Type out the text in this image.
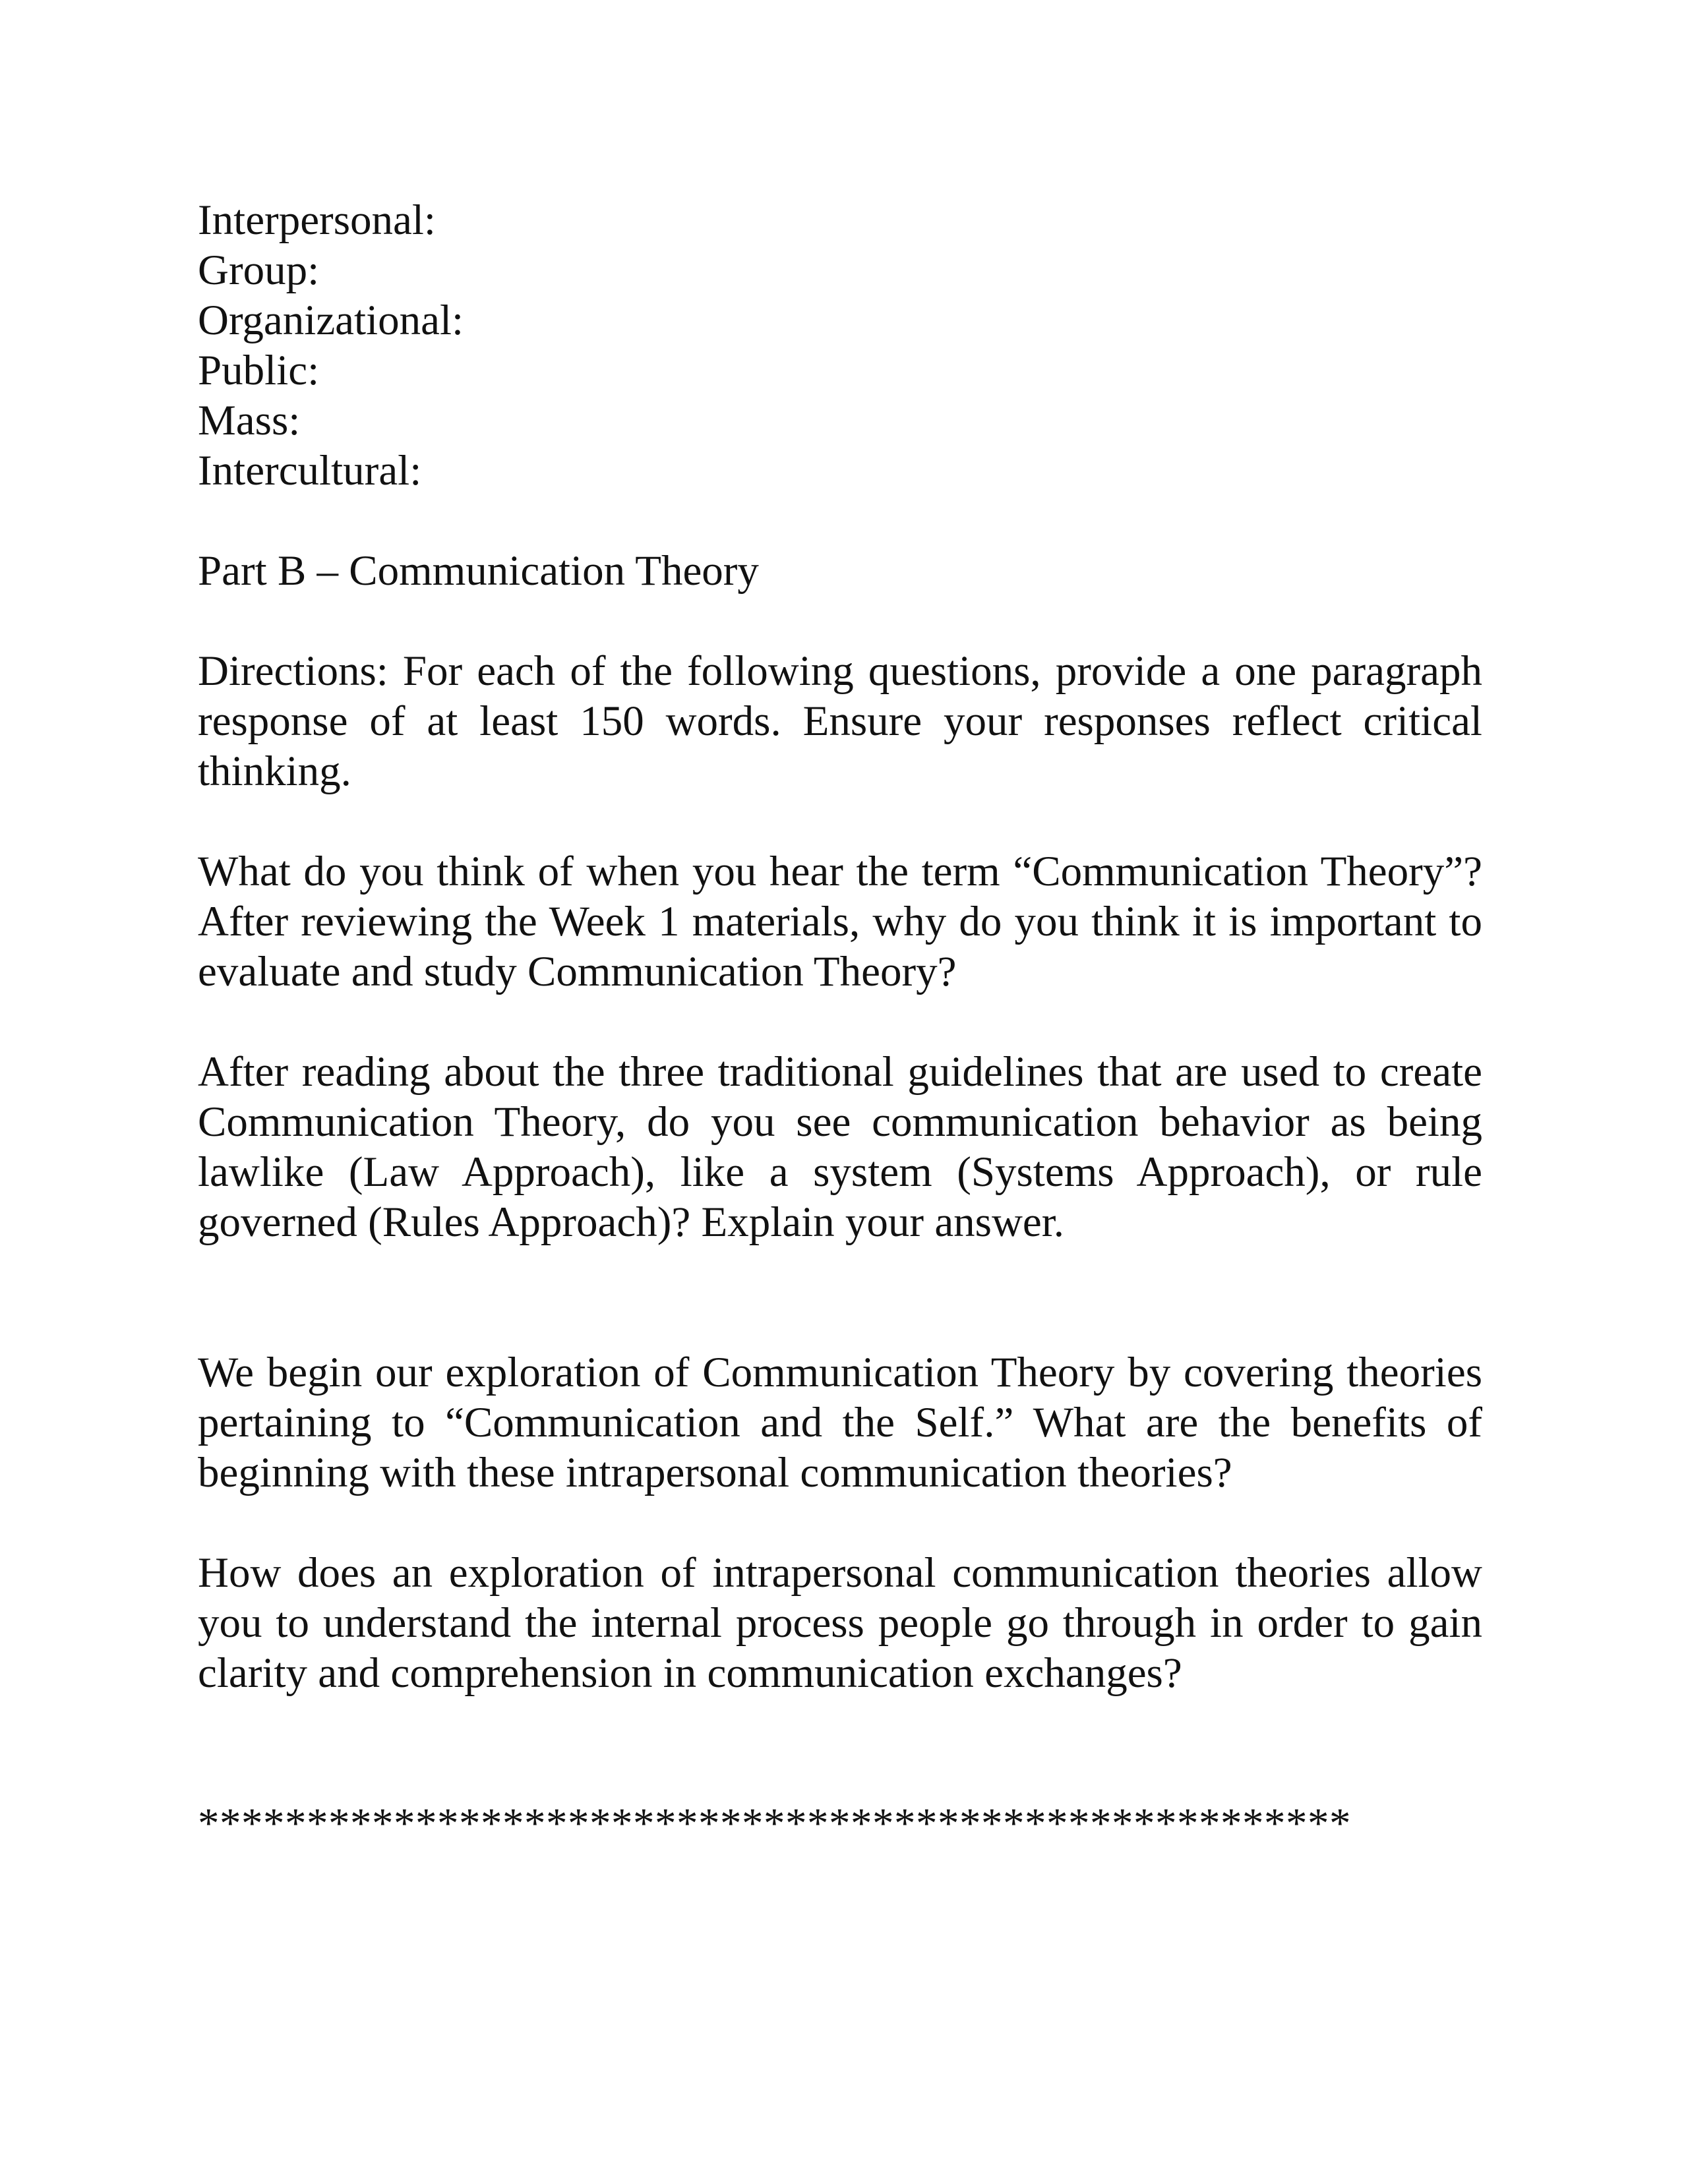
Interpersonal:
Group:
Organizational:
Public:
Mass:
Intercultural:
Part B – Communication Theory

Directions: For each of the following questions, provide a one paragraph response of at least 150 words. Ensure your responses reflect critical thinking.

What do you think of when you hear the term “Communication Theory”? After reviewing the Week 1 materials, why do you think it is important to evaluate and study Communication Theory?

After reading about the three traditional guidelines that are used to create Communication Theory, do you see communication behavior as being lawlike (Law Approach), like a system (Systems Approach), or rule governed (Rules Approach)? Explain your answer.

We begin our exploration of Communication Theory by covering theories pertaining to “Communication and the Self.” What are the benefits of beginning with these intrapersonal communication theories?

How does an exploration of intrapersonal communication theories allow you to understand the internal process people go through in order to gain clarity and comprehension in communication exchanges?

*****************************************************
